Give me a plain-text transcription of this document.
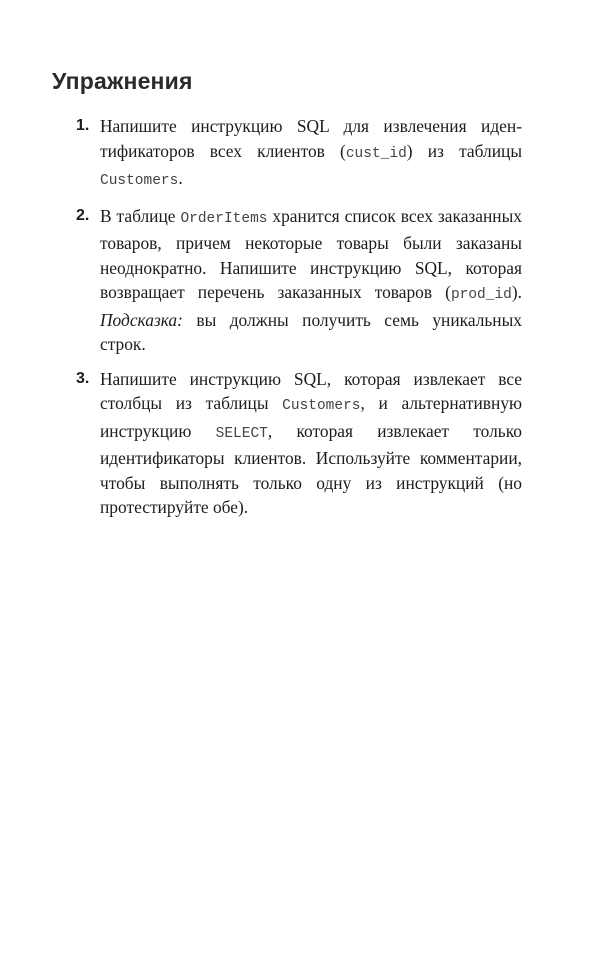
Упражнения
1. Напишите инструкцию SQL для извлечения идентификаторов всех клиентов (cust_id) из таблицы Customers.
2. В таблице OrderItems хранится список всех заказанных товаров, причем некоторые товары были заказаны неоднократно. Напишите инструкцию SQL, которая возвращает перечень заказанных товаров (prod_id). Подсказка: вы должны получить семь уникальных строк.
3. Напишите инструкцию SQL, которая извлекает все столбцы из таблицы Customers, и альтернативную инструкцию SELECT, которая извлекает только идентификаторы клиентов. Используйте комментарии, чтобы выполнять только одну из инструкций (но протестируйте обе).
